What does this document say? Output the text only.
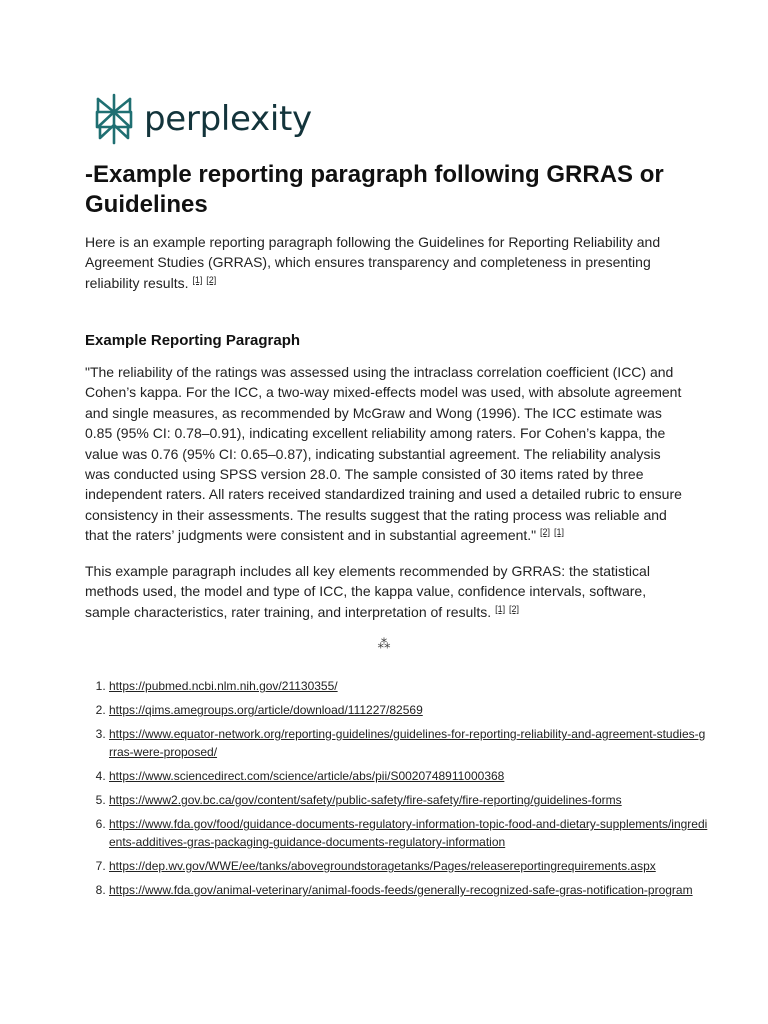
perplexity
-Example reporting paragraph following GRRAS or Guidelines

Here is an example reporting paragraph following the Guidelines for Reporting Reliability and Agreement Studies (GRRAS), which ensures transparency and completeness in presenting reliability results. [1] [2]

Example Reporting Paragraph

"The reliability of the ratings was assessed using the intraclass correlation coefficient (ICC) and Cohen’s kappa. For the ICC, a two-way mixed-effects model was used, with absolute agreement and single measures, as recommended by McGraw and Wong (1996). The ICC estimate was 0.85 (95% CI: 0.78–0.91), indicating excellent reliability among raters. For Cohen’s kappa, the value was 0.76 (95% CI: 0.65–0.87), indicating substantial agreement. The reliability analysis was conducted using SPSS version 28.0. The sample consisted of 30 items rated by three independent raters. All raters received standardized training and used a detailed rubric to ensure consistency in their assessments. The results suggest that the rating process was reliable and that the raters’ judgments were consistent and in substantial agreement." [2] [1]

This example paragraph includes all key elements recommended by GRRAS: the statistical methods used, the model and type of ICC, the kappa value, confidence intervals, software, sample characteristics, rater training, and interpretation of results. [1] [2]

⁂
1. https://pubmed.ncbi.nlm.nih.gov/21130355/
2. https://qims.amegroups.org/article/download/111227/82569
3. https://www.equator-network.org/reporting-guidelines/guidelines-for-reporting-reliability-and-agreement-studies-grras-were-proposed/
4. https://www.sciencedirect.com/science/article/abs/pii/S0020748911000368
5. https://www2.gov.bc.ca/gov/content/safety/public-safety/fire-safety/fire-reporting/guidelines-forms
6. https://www.fda.gov/food/guidance-documents-regulatory-information-topic-food-and-dietary-supplements/ingredients-additives-gras-packaging-guidance-documents-regulatory-information
7. https://dep.wv.gov/WWE/ee/tanks/abovegroundstoragetanks/Pages/releasereportingrequirements.aspx
8. https://www.fda.gov/animal-veterinary/animal-foods-feeds/generally-recognized-safe-gras-notification-program
